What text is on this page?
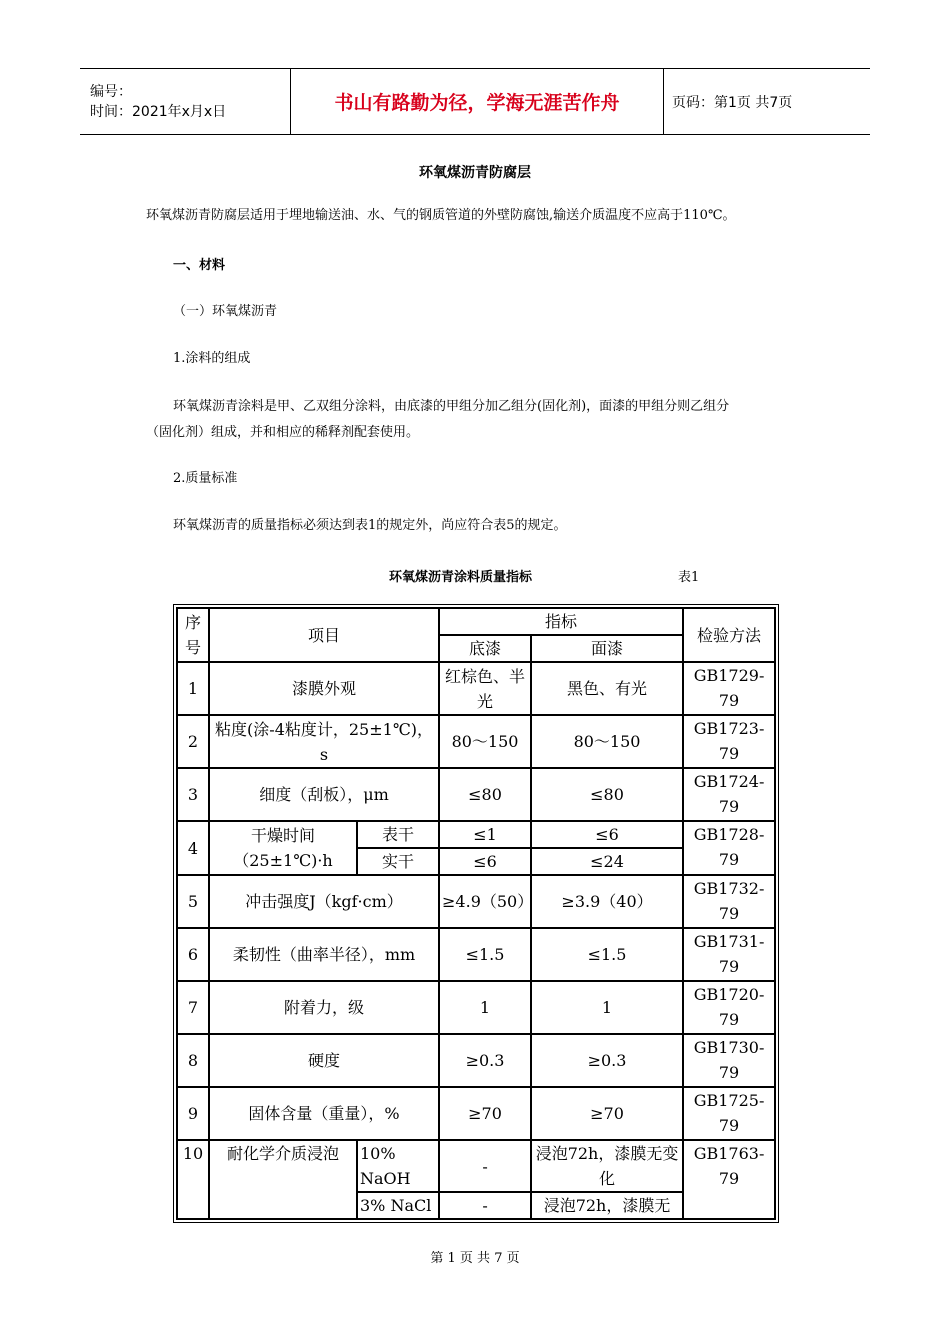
编号：
时间：2021年x月x日	书山有路勤为径，学海无涯苦作舟	页码：第1页 共7页
环氧煤沥青防腐层
环氧煤沥青防腐层适用于埋地输送油、水、气的钢质管道的外壁防腐蚀,输送介质温度不应高于110℃。
一、材料
（一）环氧煤沥青
1.涂料的组成
环氧煤沥青涂料是甲、乙双组分涂料，由底漆的甲组分加乙组分(固化剂)，面漆的甲组分则乙组分
（固化剂）组成，并和相应的稀释剂配套使用。
2.质量标准
环氧煤沥青的质量指标必须达到表1的规定外，尚应符合表5的规定。
环氧煤沥青涂料质量指标	表1
序号	项目		指标		检验方法
			底漆	面漆	
1	漆膜外观		红棕色、半光	黑色、有光	GB1729-79
2	粘度(涂-4粘度计，25±1℃)，s		80～150	80～150	GB1723-79
3	细度（刮板），μm		≤80	≤80	GB1724-79
4	干燥时间（25±1℃)·h	表干	≤1	≤6	GB1728-79
		实干	≤6	≤24	
5	冲击强度J（kgf·cm）		≥4.9（50）	≥3.9（40）	GB1732-79
6	柔韧性（曲率半径），mm		≤1.5	≤1.5	GB1731-79
7	附着力，级		1	1	GB1720-79
8	硬度		≥0.3	≥0.3	GB1730-79
9	固体含量（重量），%		≥70	≥70	GB1725-79
10	耐化学介质浸泡	10% NaOH	-	浸泡72h，漆膜无变化	GB1763-79
		3% NaCl	-	浸泡72h，漆膜无	
第 1 页 共 7 页
